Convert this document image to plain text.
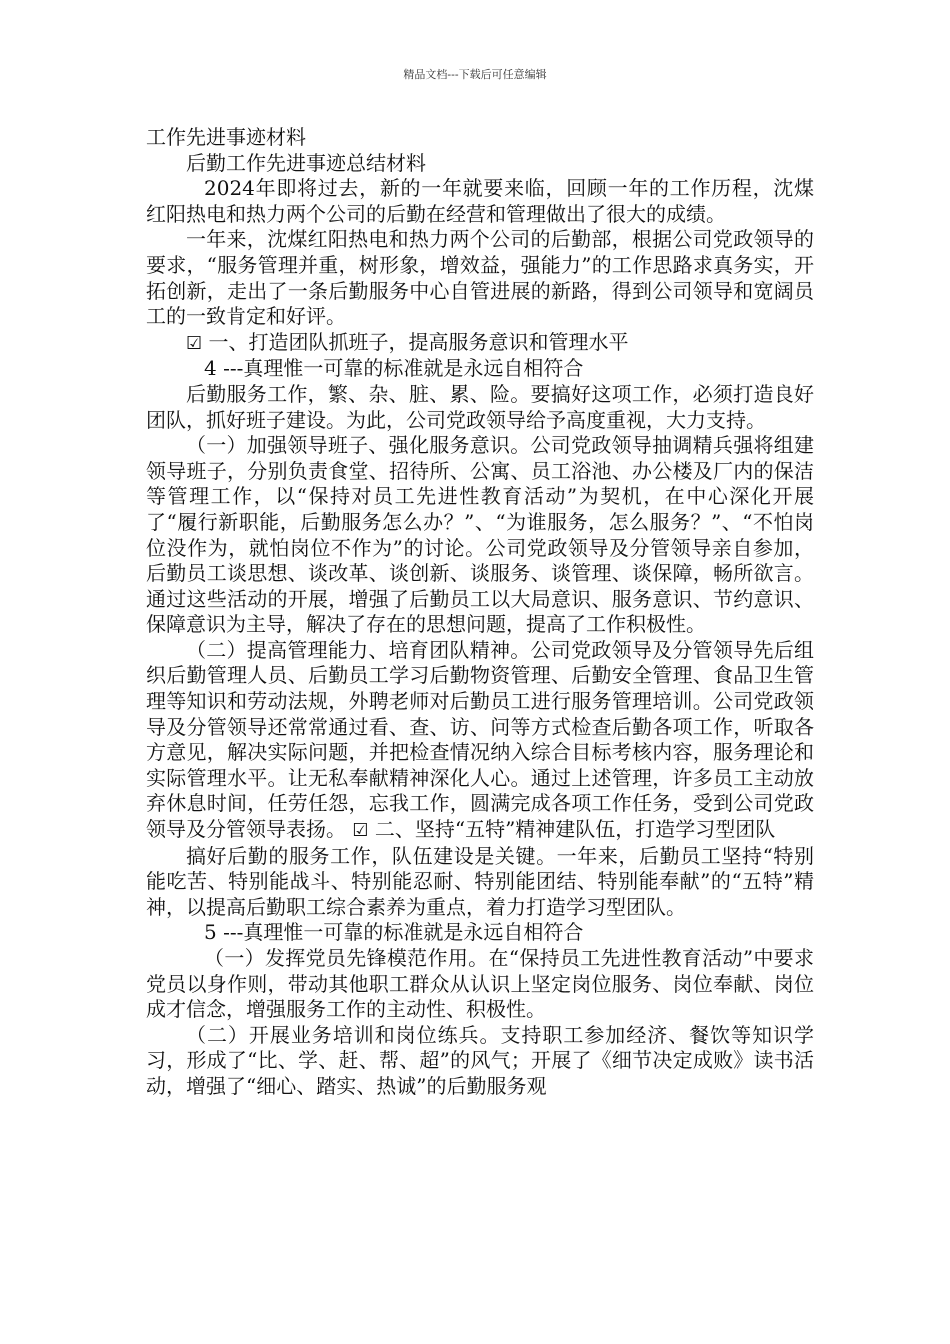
精品文档---下载后可任意编辑

工作先进事迹材料

后勤工作先进事迹总结材料

2024年即将过去，新的一年就要来临，回顾一年的工作历程，沈煤红阳热电和热力两个公司的后勤在经营和管理做出了很大的成绩。

一年来，沈煤红阳热电和热力两个公司的后勤部，根据公司党政领导的要求，“服务管理并重，树形象，增效益，强能力”的工作思路求真务实，开拓创新，走出了一条后勤服务中心自管进展的新路，得到公司领导和宽阔员工的一致肯定和好评。

☑ 一、打造团队抓班子，提高服务意识和管理水平

4 ---真理惟一可靠的标准就是永远自相符合

后勤服务工作，繁、杂、脏、累、险。要搞好这项工作，必须打造良好团队，抓好班子建设。为此，公司党政领导给予高度重视，大力支持。

（一）加强领导班子、强化服务意识。公司党政领导抽调精兵强将组建领导班子，分别负责食堂、招待所、公寓、员工浴池、办公楼及厂内的保洁等管理工作，以“保持对员工先进性教育活动”为契机，在中心深化开展了“履行新职能，后勤服务怎么办？”、“为谁服务，怎么服务？”、“不怕岗位没作为，就怕岗位不作为”的讨论。公司党政领导及分管领导亲自参加，后勤员工谈思想、谈改革、谈创新、谈服务、谈管理、谈保障，畅所欲言。通过这些活动的开展，增强了后勤员工以大局意识、服务意识、节约意识、保障意识为主导，解决了存在的思想问题，提高了工作积极性。

（二）提高管理能力、培育团队精神。公司党政领导及分管领导先后组织后勤管理人员、后勤员工学习后勤物资管理、后勤安全管理、食品卫生管理等知识和劳动法规，外聘老师对后勤员工进行服务管理培训。公司党政领导及分管领导还常常通过看、查、访、问等方式检查后勤各项工作，听取各方意见，解决实际问题，并把检查情况纳入综合目标考核内容，服务理论和实际管理水平。让无私奉献精神深化人心。通过上述管理，许多员工主动放弃休息时间，任劳任怨，忘我工作，圆满完成各项工作任务，受到公司党政领导及分管领导表扬。 ☑ 二、坚持“五特”精神建队伍，打造学习型团队

搞好后勤的服务工作，队伍建设是关键。一年来，后勤员工坚持“特别能吃苦、特别能战斗、特别能忍耐、特别能团结、特别能奉献”的“五特”精神，以提高后勤职工综合素养为重点，着力打造学习型团队。

5 ---真理惟一可靠的标准就是永远自相符合

（一）发挥党员先锋模范作用。在“保持员工先进性教育活动”中要求党员以身作则，带动其他职工群众从认识上坚定岗位服务、岗位奉献、岗位成才信念，增强服务工作的主动性、积极性。

（二）开展业务培训和岗位练兵。支持职工参加经济、餐饮等知识学习，形成了“比、学、赶、帮、超”的风气；开展了《细节决定成败》读书活动，增强了“细心、踏实、热诚”的后勤服务观
